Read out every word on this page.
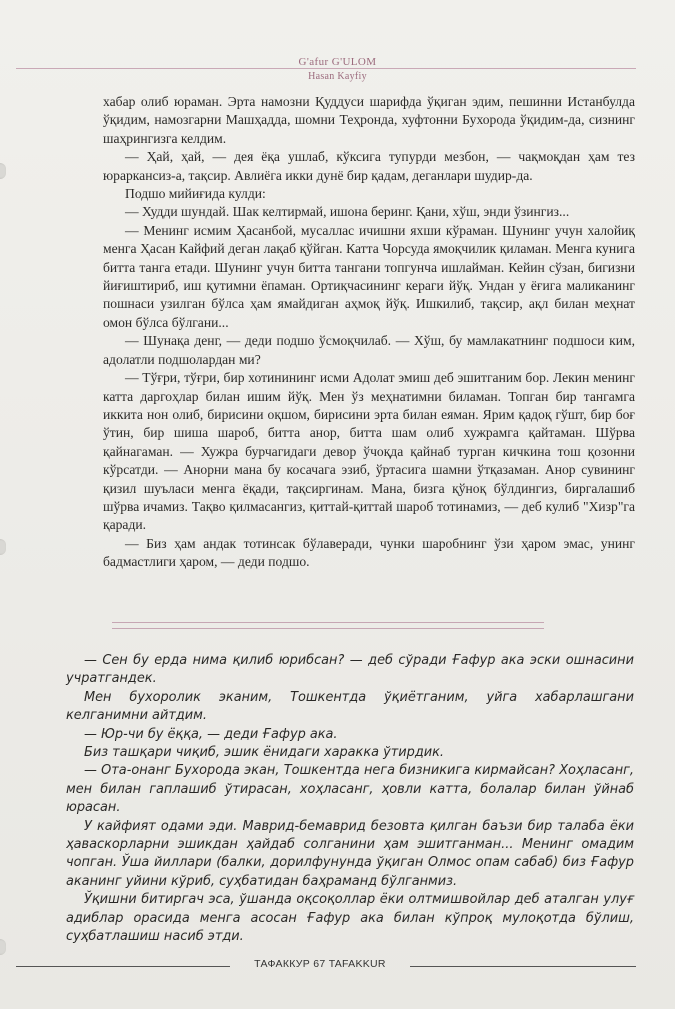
G'afur G'ULOM
Hasan Kayfiy

хабар олиб юраман. Эрта намозни Қуддуси шарифда ўқиган эдим, пешинни Истанбулда ўқидим, намозгарни Машҳадда, шомни Теҳронда, хуфтонни Бухорода ўқидим-да, сизнинг шаҳрингизга келдим.

— Ҳай, ҳай, — дея ёқа ушлаб, кўксига тупурди мезбон, — чақмоқдан ҳам тез юраркансиз-а, тақсир. Авлиёга икки дунё бир қадам, деганлари шудир-да.

Подшо мийиғида кулди:

— Худди шундай. Шак келтирмай, ишона беринг. Қани, хўш, энди ўзингиз...

— Менинг исмим Ҳасанбой, мусаллас ичишни яхши кўраман. Шунинг учун халойиқ менга Ҳасан Кайфий деган лақаб қўйган. Катта Чорсуда ямоқчилик қиламан. Менга кунига битта танга етади. Шунинг учун битта тангани топгунча ишлайман. Кейин сўзан, бигизни йиғиштириб, иш қутимни ёпаман. Ортиқчасининг кераги йўқ. Ундан у ёғига маликанинг пошнаси узилган бўлса ҳам ямайдиган аҳмоқ йўқ. Ишкилиб, тақсир, ақл билан меҳнат омон бўлса бўлгани...

— Шунақа денг, — деди подшо ўсмоқчилаб. — Хўш, бу мамлакатнинг подшоси ким, адолатли подшолардан ми?

— Тўғри, тўғри, бир хотинининг исми Адолат эмиш деб эшитганим бор. Лекин менинг катта даргоҳлар билан ишим йўқ. Мен ўз меҳнатимни биламан. Топган бир тангамга иккита нон олиб, бирисини оқшом, бирисини эрта билан еяман. Ярим қадоқ гўшт, бир боғ ўтин, бир шиша шароб, битта анор, битта шам олиб хужрамга қайтаман. Шўрва қайнагаман. — Хужра бурчагидаги девор ўчоқда қайнаб турган кичкина тош қозонни кўрсатди. — Анорни мана бу косачага эзиб, ўртасига шамни ўтқазаман. Анор сувининг қизил шуъласи менга ёқади, тақсиргинам. Мана, бизга қўноқ бўлдингиз, биргалашиб шўрва ичамиз. Тақво қилмасангиз, қиттай-қиттай шароб тотинамиз, — деб кулиб "Хизр"га қаради.

— Биз ҳам андак тотинсак бўлаверади, чунки шаробнинг ўзи ҳаром эмас, унинг бадмастлиги ҳаром, — деди подшо.

— Сен бу ерда нима қилиб юрибсан? — деб сўради Ғафур ака эски ошнасини учратгандек.

Мен бухоролик эканим, Тошкентда ўқиётганим, уйга хабарлашгани келганимни айтдим.

— Юр-чи бу ёққа, — деди Ғафур ака.

Биз ташқари чиқиб, эшик ёнидаги харакка ўтирдик.

— Ота-онанг Бухорода экан, Тошкентда нега бизникига кирмайсан? Хоҳласанг, мен билан гаплашиб ўтирасан, хоҳласанг, ҳовли катта, болалар билан ўйнаб юрасан.

У кайфият одами эди. Маврид-бемаврид безовта қилган баъзи бир талаба ёки ҳаваскорларни эшикдан ҳайдаб солганини ҳам эшитганман... Менинг омадим чопган. Ўша йиллари (балки, дорилфунунда ўқиган Олмос опам сабаб) биз Ғафур аканинг уйини кўриб, суҳбатидан баҳраманд бўлганмиз.

Ўқишни битиргач эса, ўшанда оқсоқоллар ёки олтмишвойлар деб аталган улуғ адиблар орасида менга асосан Ғафур ака билан кўпроқ мулоқотда бўлиш, суҳбатлашиш насиб этди.

ТАФАККУР 67 TAFAKKUR
